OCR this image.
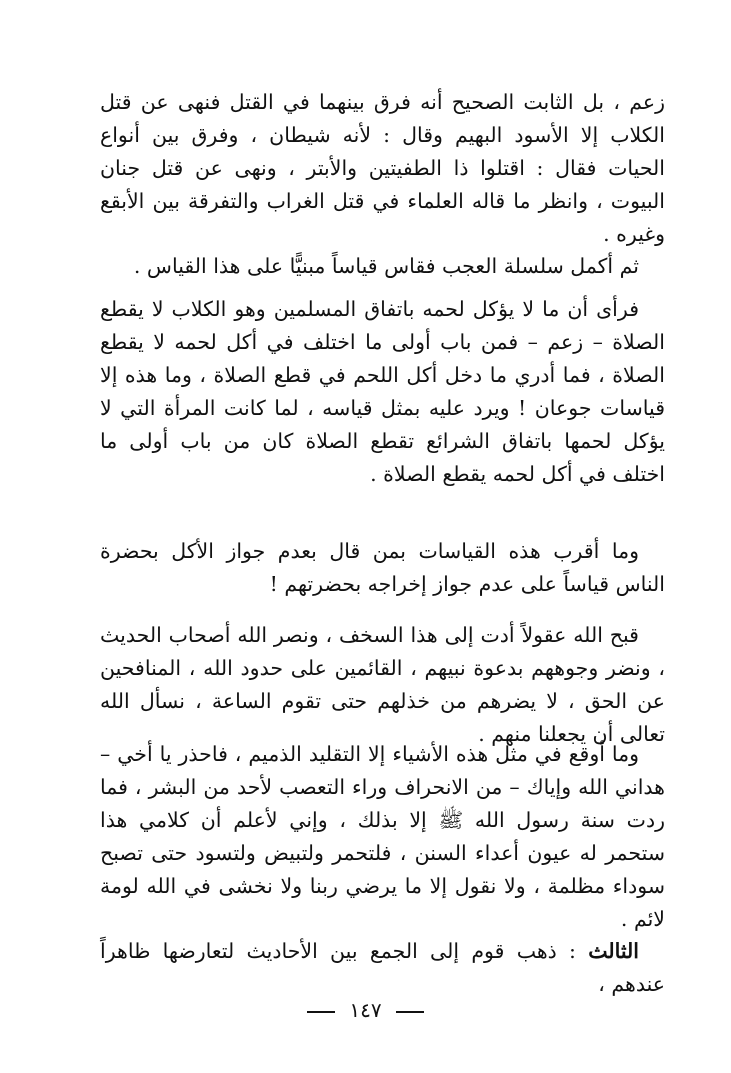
زعم ، بل الثابت الصحيح أنه فرق بينهما في القتل فنهى عن قتل الكلاب إلا الأسود البهيم وقال : لأنه شيطان ، وفرق بين أنواع الحيات فقال : اقتلوا ذا الطفيتين والأبتر ، ونهى عن قتل جنان البيوت ، وانظر ما قاله العلماء في قتل الغراب والتفرقة بين الأبقع وغيره .

ثم أكمل سلسلة العجب فقاس قياساً مبنيًّا على هذا القياس .

فرأى أن ما لا يؤكل لحمه باتفاق المسلمين وهو الكلاب لا يقطع الصلاة – زعم – فمن باب أولى ما اختلف في أكل لحمه لا يقطع الصلاة ، فما أدري ما دخل أكل اللحم في قطع الصلاة ، وما هذه إلا قياسات جوعان ! ويرد عليه بمثل قياسه ، لما كانت المرأة التي لا يؤكل لحمها باتفاق الشرائع تقطع الصلاة كان من باب أولى ما اختلف في أكل لحمه يقطع الصلاة .

وما أقرب هذه القياسات بمن قال بعدم جواز الأكل بحضرة الناس قياساً على عدم جواز إخراجه بحضرتهم !

قبح الله عقولاً أدت إلى هذا السخف ، ونصر الله أصحاب الحديث ، ونضر وجوههم بدعوة نبيهم ، القائمين على حدود الله ، المنافحين عن الحق ، لا يضرهم من خذلهم حتى تقوم الساعة ، نسأل الله تعالى أن يجعلنا منهم .

وما أوقع في مثل هذه الأشياء إلا التقليد الذميم ، فاحذر يا أخي – هداني الله وإياك – من الانحراف وراء التعصب لأحد من البشر ، فما ردت سنة رسول الله ﷺ إلا بذلك ، وإني لأعلم أن كلامي هذا ستحمر له عيون أعداء السنن ، فلتحمر ولتبيض ولتسود حتى تصبح سوداء مظلمة ، ولا نقول إلا ما يرضي ربنا ولا نخشى في الله لومة لائم .

الثالث : ذهب قوم إلى الجمع بين الأحاديث لتعارضها ظاهراً عندهم ،

١٤٧
